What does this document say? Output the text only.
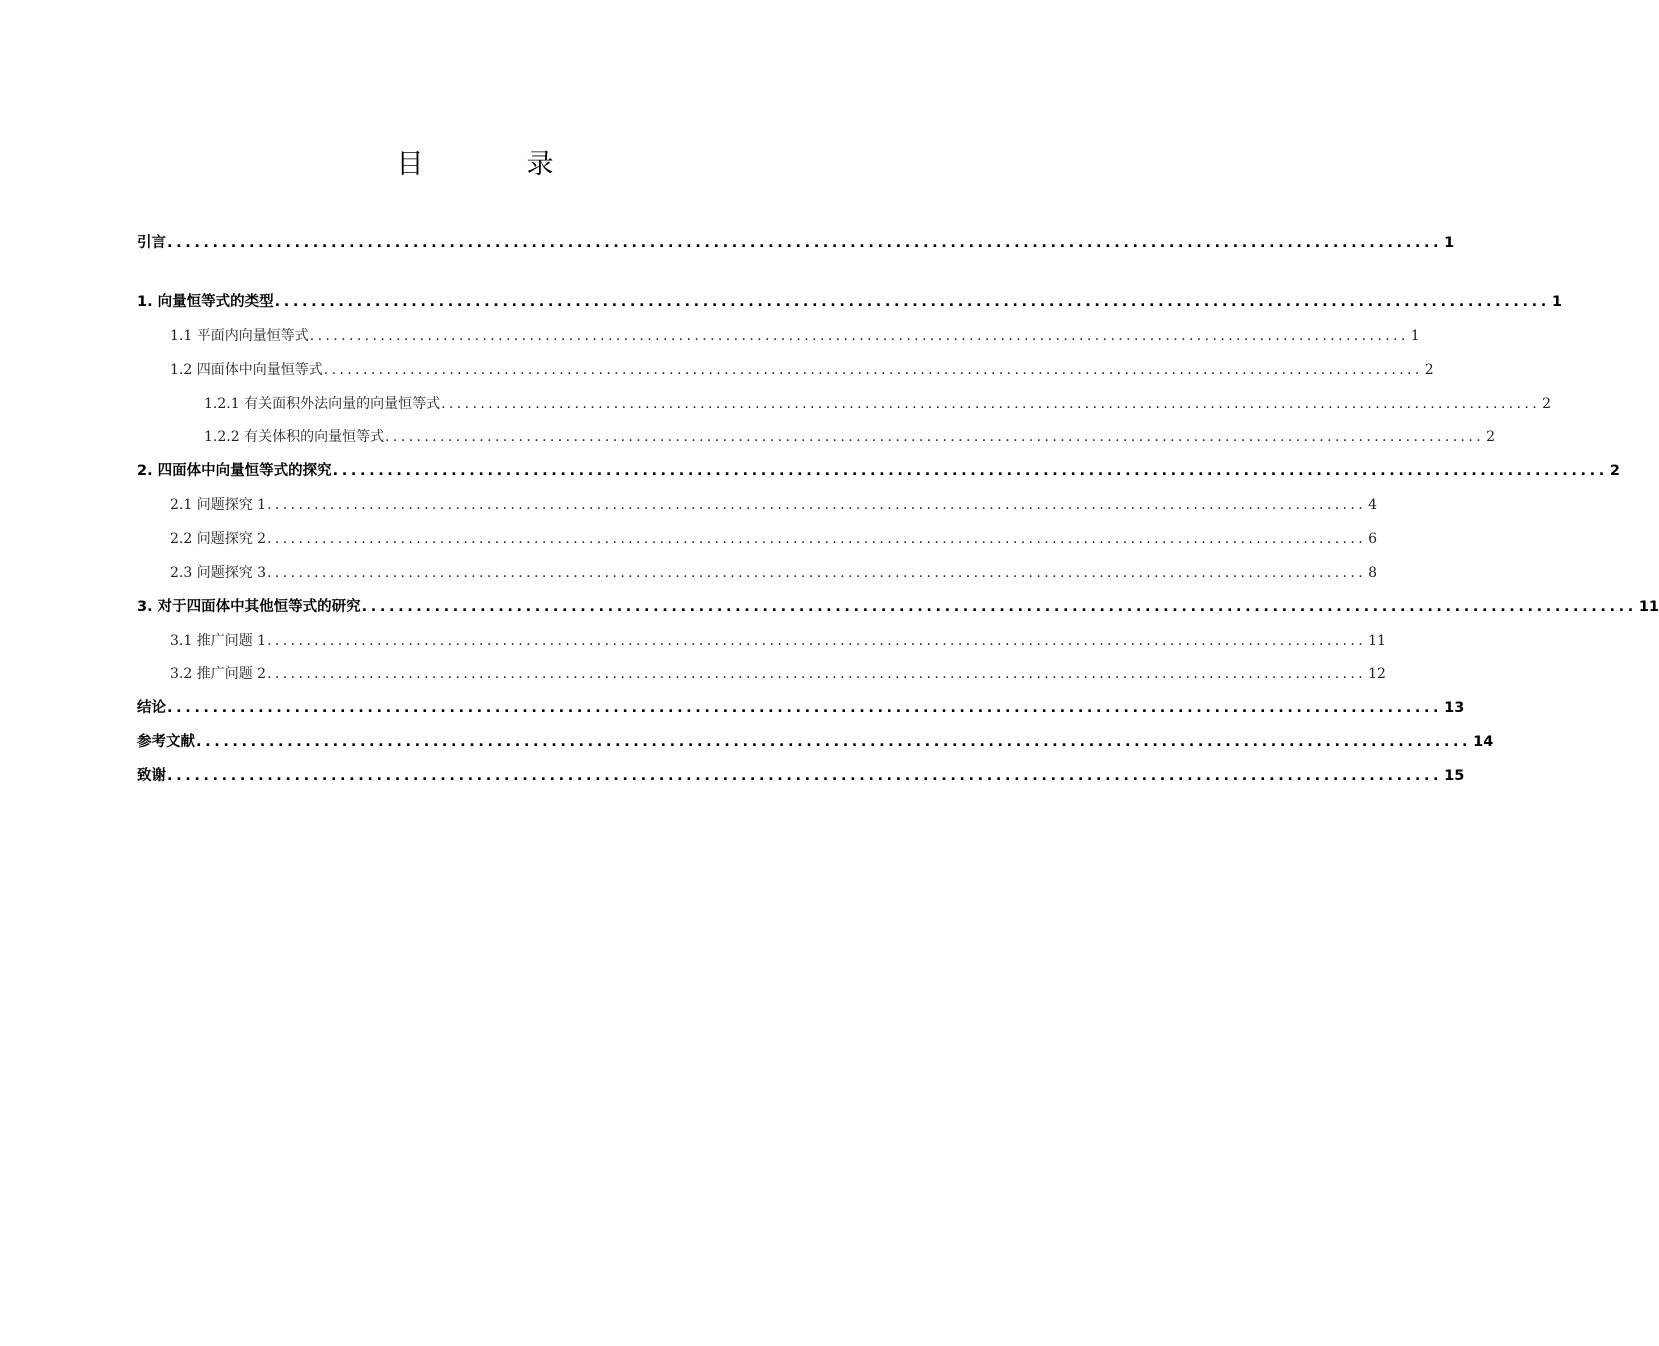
目　录
引言 ............................................................................................................................................ 1
1. 向量恒等式的类型 ............................................................................................................................................ 1
1.1 平面内向量恒等式 ............................................................................................................................................ 1
1.2 四面体中向量恒等式 ............................................................................................................................................ 2
1.2.1 有关面积外法向量的向量恒等式 ............................................................................................................................................ 2
1.2.2 有关体积的向量恒等式 ............................................................................................................................................ 2
2. 四面体中向量恒等式的探究 ............................................................................................................................................ 2
2.1 问题探究 1 ............................................................................................................................................ 4
2.2 问题探究 2 ............................................................................................................................................ 6
2.3 问题探究 3 ............................................................................................................................................ 8
3. 对于四面体中其他恒等式的研究 ............................................................................................................................................ 11
3.1 推广问题 1 ............................................................................................................................................ 11
3.2 推广问题 2 ............................................................................................................................................ 12
结论 ............................................................................................................................................ 13
参考文献 ............................................................................................................................................ 14
致谢 ............................................................................................................................................ 15
